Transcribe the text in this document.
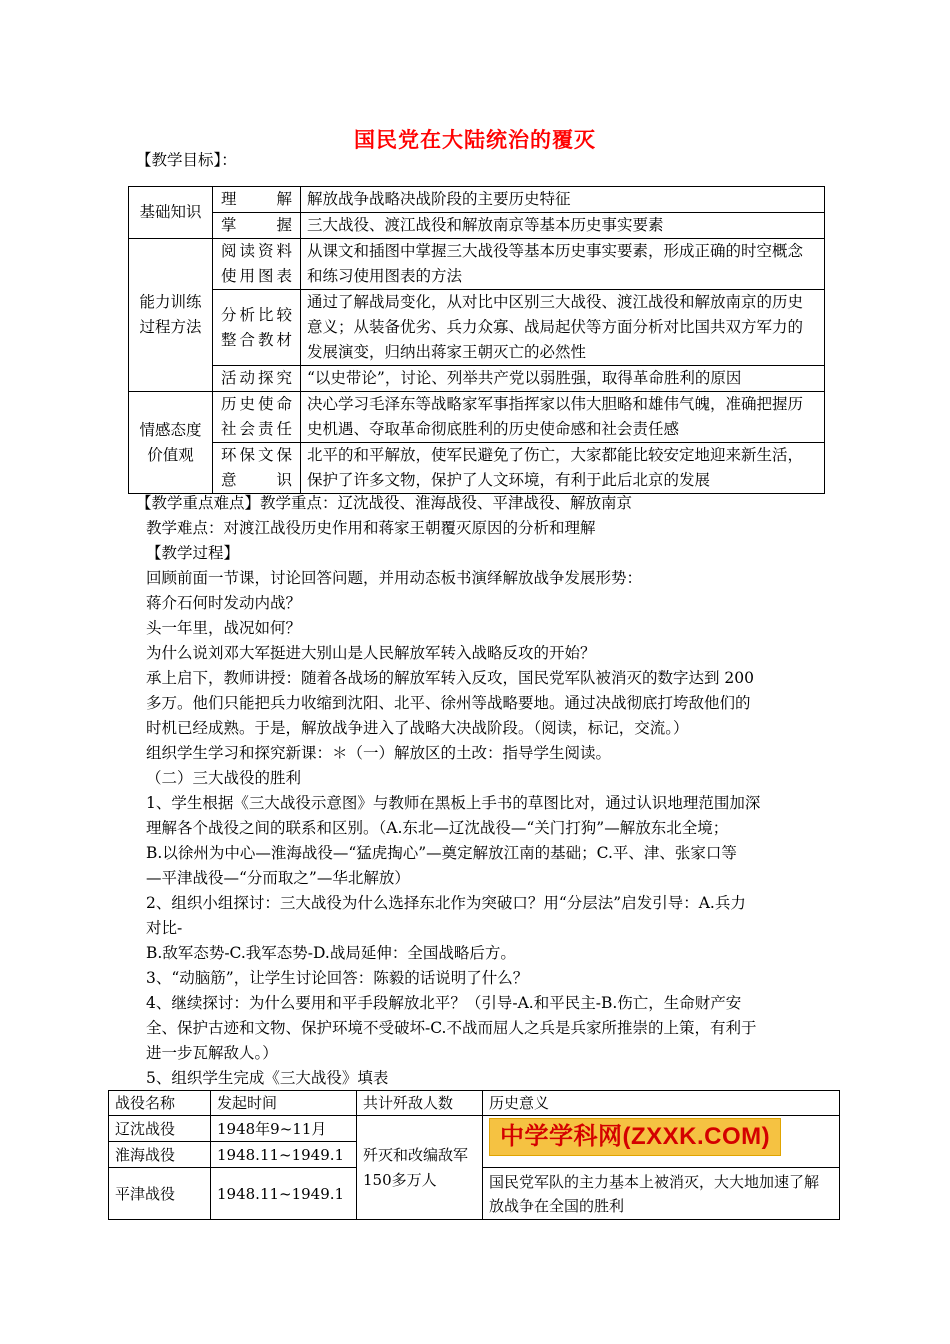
国民党在大陆统治的覆灭
【教学目标】：
基础知识	理解	解放战争战略决战阶段的主要历史特征
	掌握	三大战役、渡江战役和解放南京等基本历史事实要素
能力训练过程方法	阅读资料使用图表	从课文和插图中掌握三大战役等基本历史事实要素，形成正确的时空概念和练习使用图表的方法
	分析比较整合教材	通过了解战局变化，从对比中区别三大战役、渡江战役和解放南京的历史意义；从装备优劣、兵力众寡、战局起伏等方面分析对比国共双方军力的发展演变，归纳出蒋家王朝灭亡的必然性
	活动探究	“以史带论”，讨论、列举共产党以弱胜强，取得革命胜利的原因
情感态度价值观	历史使命社会责任	决心学习毛泽东等战略家军事指挥家以伟大胆略和雄伟气魄，准确把握历史机遇、夺取革命彻底胜利的历史使命感和社会责任感
	环保文保意识	北平的和平解放，使军民避免了伤亡，大家都能比较安定地迎来新生活，保护了许多文物，保护了人文环境，有利于此后北京的发展
【教学重点难点】教学重点：辽沈战役、淮海战役、平津战役、解放南京
教学难点：对渡江战役历史作用和蒋家王朝覆灭原因的分析和理解
【教学过程】
回顾前面一节课，讨论回答问题，并用动态板书演绎解放战争发展形势：
蒋介石何时发动内战？
头一年里，战况如何？
为什么说刘邓大军挺进大别山是人民解放军转入战略反攻的开始？
承上启下，教师讲授：随着各战场的解放军转入反攻，国民党军队被消灭的数字达到 200
多万。他们只能把兵力收缩到沈阳、北平、徐州等战略要地。通过决战彻底打垮敌他们的
时机已经成熟。于是，解放战争进入了战略大决战阶段。（阅读，标记，交流。）
组织学生学习和探究新课：＊（一）解放区的土改：指导学生阅读。
（二）三大战役的胜利
1、学生根据《三大战役示意图》与教师在黑板上手书的草图比对，通过认识地理范围加深
理解各个战役之间的联系和区别。（A.东北—辽沈战役—“关门打狗”—解放东北全境；
B.以徐州为中心—淮海战役—“猛虎掏心”—奠定解放江南的基础；C.平、津、张家口等
—平津战役—“分而取之”—华北解放）
2、组织小组探讨：三大战役为什么选择东北作为突破口？用“分层法”启发引导：A.兵力
对比-
B.敌军态势-C.我军态势-D.战局延伸：全国战略后方。
3、“动脑筋”，让学生讨论回答：陈毅的话说明了什么？
4、继续探讨：为什么要用和平手段解放北平？（引导-A.和平民主-B.伤亡，生命财产安
全、保护古迹和文物、保护环境不受破坏-C.不战而屈人之兵是兵家所推崇的上策，有利于
进一步瓦解敌人。）
5、组织学生完成《三大战役》填表
战役名称	发起时间	共计歼敌人数	历史意义
辽沈战役	1948年9~11月	歼灭和改编敌军150多万人	中学学科网(ZXXK.COM)
淮海战役	1948.11~1949.1		
平津战役	1948.11~1949.1		国民党军队的主力基本上被消灭，大大地加速了解放战争在全国的胜利
